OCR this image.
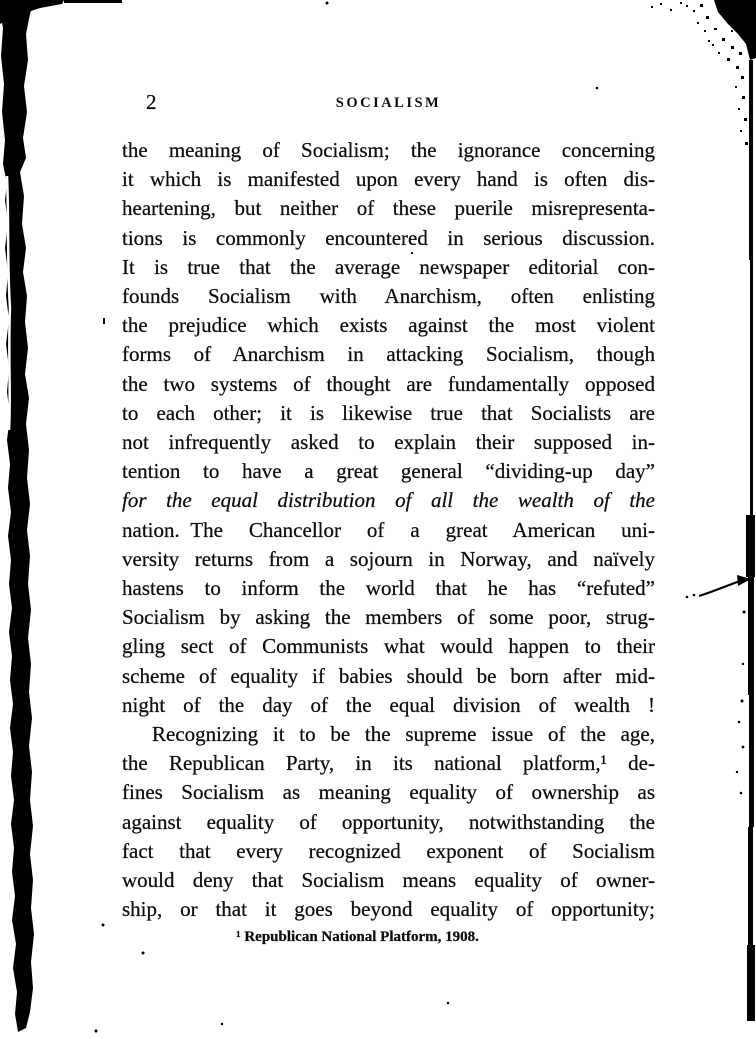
2	SOCIALISM
the meaning of Socialism; the ignorance concerning
it which is manifested upon every hand is often dis-
heartening, but neither of these puerile misrepresenta-
tions is commonly encountered in serious discussion.
It is true that the average newspaper editorial con-
founds Socialism with Anarchism, often enlisting
the prejudice which exists against the most violent
forms of Anarchism in attacking Socialism, though
the two systems of thought are fundamentally opposed
to each other; it is likewise true that Socialists are
not infrequently asked to explain their supposed in-
tention to have a great general “dividing-up day”
for the equal distribution of all the wealth of the
nation. The Chancellor of a great American uni-
versity returns from a sojourn in Norway, and naïvely
hastens to inform the world that he has “refuted”
Socialism by asking the members of some poor, strug-
gling sect of Communists what would happen to their
scheme of equality if babies should be born after mid-
night of the day of the equal division of wealth !
Recognizing it to be the supreme issue of the age,
the Republican Party, in its national platform,¹ de-
fines Socialism as meaning equality of ownership as
against equality of opportunity, notwithstanding the
fact that every recognized exponent of Socialism
would deny that Socialism means equality of owner-
ship, or that it goes beyond equality of opportunity;
¹ Republican National Platform, 1908.
